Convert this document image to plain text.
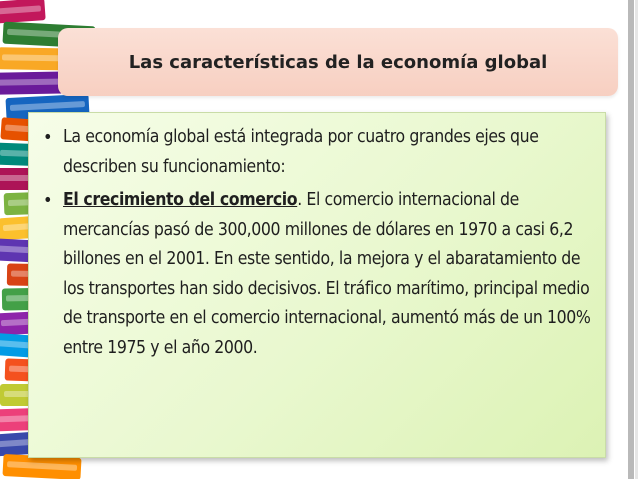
Las características de la economía global
• La economía global está integrada por cuatro grandes ejes que describen su funcionamiento:
• El crecimiento del comercio. El comercio internacional de mercancías pasó de 300,000 millones de dólares en 1970 a casi 6,2 billones en el 2001. En este sentido, la mejora y el abaratamiento de los transportes han sido decisivos. El tráfico marítimo, principal medio de transporte en el comercio internacional, aumentó más de un 100% entre 1975 y el año 2000.
